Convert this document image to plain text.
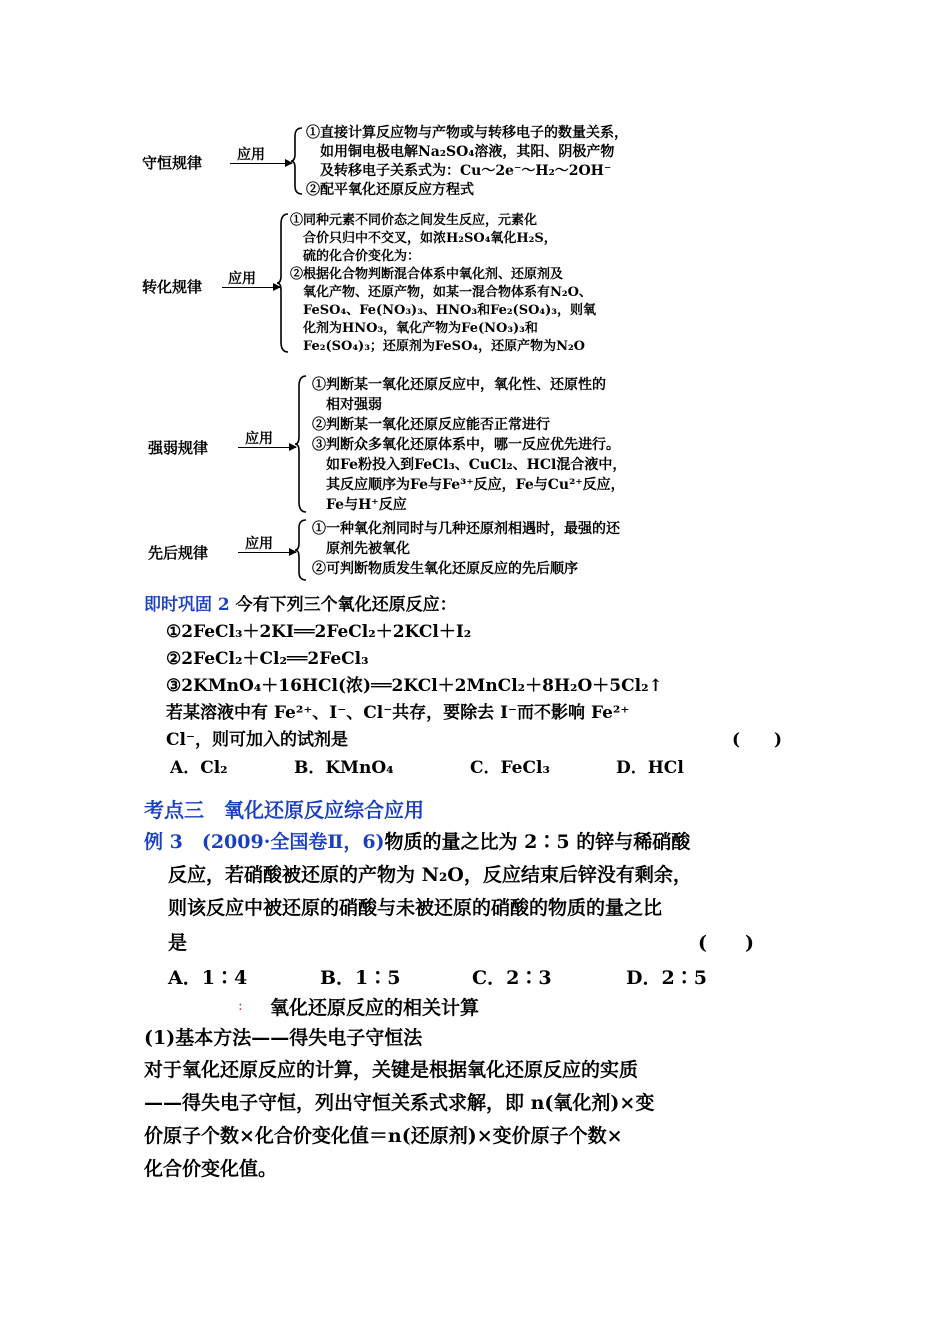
守恒规律 应用
①直接计算反应物与产物或与转移电子的数量关系，
　如用铜电极电解Na₂SO₄溶液，其阳、阴极产物
　及转移电子关系式为：Cu～2e⁻～H₂～2OH⁻
②配平氧化还原反应方程式
转化规律 应用
①同种元素不同价态之间发生反应，元素化
　合价只归中不交叉，如浓H₂SO₄氧化H₂S，
　硫的化合价变化为：
②根据化合物判断混合体系中氧化剂、还原剂及
　氧化产物、还原产物，如某一混合物体系有N₂O、
　FeSO₄、Fe(NO₃)₃、HNO₃和Fe₂(SO₄)₃，则氧
　化剂为HNO₃，氧化产物为Fe(NO₃)₃和
　Fe₂(SO₄)₃；还原剂为FeSO₄，还原产物为N₂O
强弱规律	应用
①判断某一氧化还原反应中，氧化性、还原性的
　相对强弱
②判断某一氧化还原反应能否正常进行
③判断众多氧化还原体系中，哪一反应优先进行。
　如Fe粉投入到FeCl₃、CuCl₂、HCl混合液中，
　其反应顺序为Fe与Fe³⁺反应，Fe与Cu²⁺反应，
　Fe与H⁺反应
先后规律	应用
①一种氧化剂同时与几种还原剂相遇时，最强的还
　原剂先被氧化
②可判断物质发生氧化还原反应的先后顺序
即时巩固 2 今有下列三个氧化还原反应：
①2FeCl₃＋2KI══2FeCl₂＋2KCl＋I₂
②2FeCl₂＋Cl₂══2FeCl₃
③2KMnO₄＋16HCl(浓)══2KCl＋2MnCl₂＋8H₂O＋5Cl₂↑
若某溶液中有 Fe²⁺、I⁻、Cl⁻共存，要除去 I⁻而不影响 Fe²⁺
Cl⁻，则可加入的试剂是	(　　)
A．Cl₂	B．KMnO₄	C．FeCl₃	D．HCl
考点三　氧化还原反应综合应用
例 3　(2009·全国卷Ⅱ，6)物质的量之比为 2∶5 的锌与稀硝酸
反应，若硝酸被还原的产物为 N₂O，反应结束后锌没有剩余，
则该反应中被还原的硝酸与未被还原的硝酸的物质的量之比
是	(　　)
A．1∶4	B．1∶5	C．2∶3	D．2∶5
: 氧化还原反应的相关计算
(1)基本方法——得失电子守恒法
对于氧化还原反应的计算，关键是根据氧化还原反应的实质
——得失电子守恒，列出守恒关系式求解，即 n(氧化剂)×变
价原子个数×化合价变化值＝n(还原剂)×变价原子个数×
化合价变化值。
